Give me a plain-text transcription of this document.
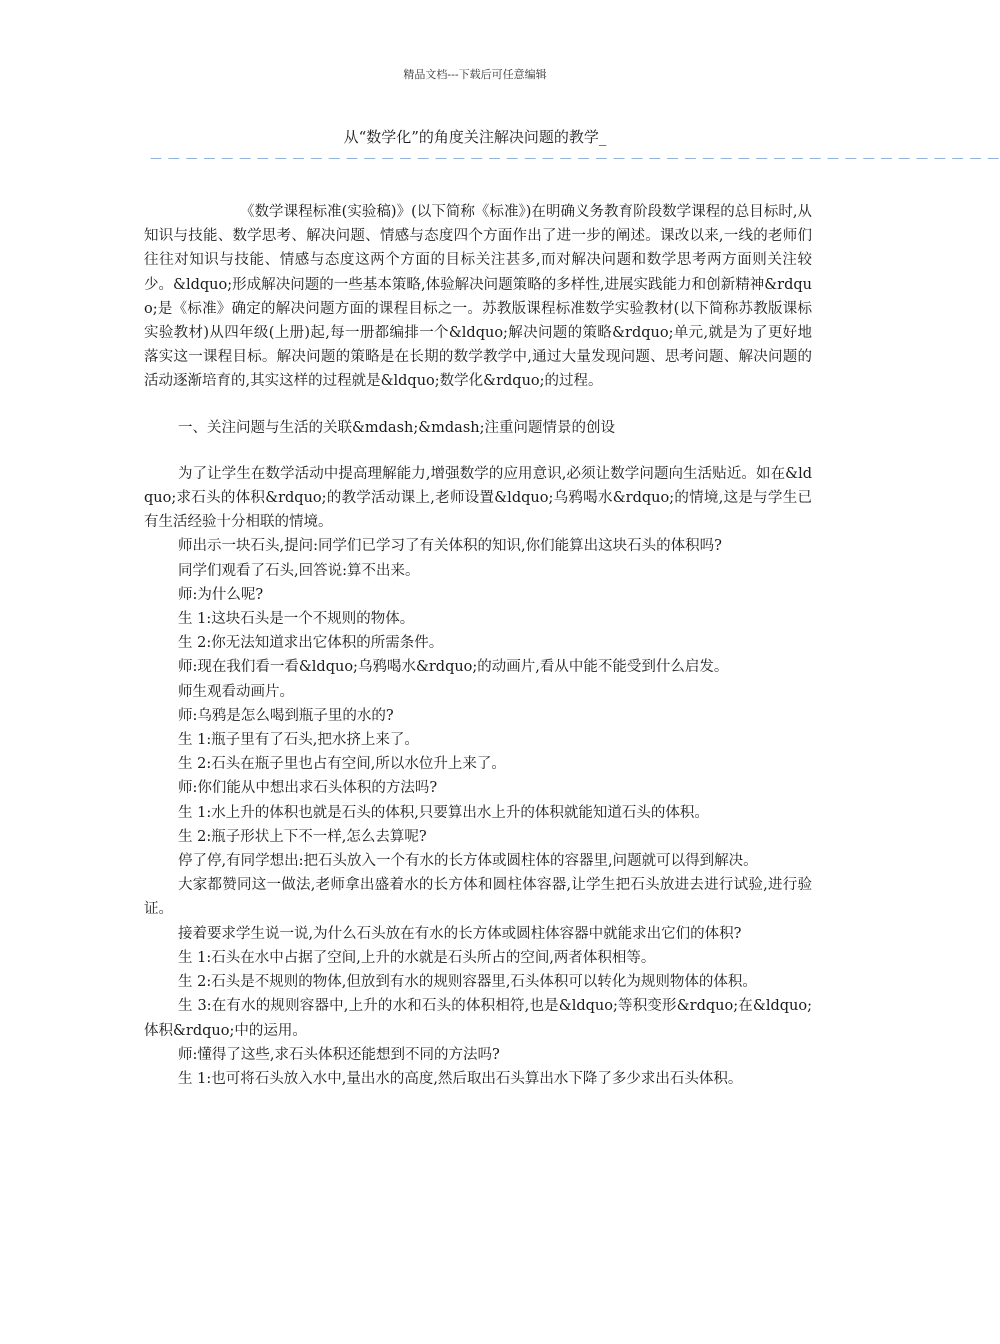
精品文档---下载后可任意编辑
从“数学化”的角度关注解决问题的教学_
— — — — — — — — — — — — — — — — — — — — — — — — — — — — — — — — — — — — — — — — — — — — — — — —

《数学课程标准(实验稿)》(以下简称《标准》)在明确义务教育阶段数学课程的总目标时,从知识与技能、数学思考、解决问题、情感与态度四个方面作出了进一步的阐述。课改以来,一线的老师们往往对知识与技能、情感与态度这两个方面的目标关注甚多,而对解决问题和数学思考两方面则关注较少。&ldquo;形成解决问题的一些基本策略,体验解决问题策略的多样性,进展实践能力和创新精神&rdquo;是《标准》确定的解决问题方面的课程目标之一。苏教版课程标准数学实验教材(以下简称苏教版课标实验教材)从四年级(上册)起,每一册都编排一个&ldquo;解决问题的策略&rdquo;单元,就是为了更好地落实这一课程目标。解决问题的策略是在长期的数学教学中,通过大量发现问题、思考问题、解决问题的活动逐渐培育的,其实这样的过程就是&ldquo;数学化&rdquo;的过程。

一、关注问题与生活的关联&mdash;&mdash;注重问题情景的创设

为了让学生在数学活动中提高理解能力,增强数学的应用意识,必须让数学问题向生活贴近。如在&ldquo;求石头的体积&rdquo;的教学活动课上,老师设置&ldquo;乌鸦喝水&rdquo;的情境,这是与学生已有生活经验十分相联的情境。

师出示一块石头,提问:同学们已学习了有关体积的知识,你们能算出这块石头的体积吗?

同学们观看了石头,回答说:算不出来。

师:为什么呢?

生 1:这块石头是一个不规则的物体。

生 2:你无法知道求出它体积的所需条件。

师:现在我们看一看&ldquo;乌鸦喝水&rdquo;的动画片,看从中能不能受到什么启发。

师生观看动画片。

师:乌鸦是怎么喝到瓶子里的水的?

生 1:瓶子里有了石头,把水挤上来了。

生 2:石头在瓶子里也占有空间,所以水位升上来了。

师:你们能从中想出求石头体积的方法吗?

生 1:水上升的体积也就是石头的体积,只要算出水上升的体积就能知道石头的体积。

生 2:瓶子形状上下不一样,怎么去算呢?

停了停,有同学想出:把石头放入一个有水的长方体或圆柱体的容器里,问题就可以得到解决。

大家都赞同这一做法,老师拿出盛着水的长方体和圆柱体容器,让学生把石头放进去进行试验,进行验证。

接着要求学生说一说,为什么石头放在有水的长方体或圆柱体容器中就能求出它们的体积?

生 1:石头在水中占据了空间,上升的水就是石头所占的空间,两者体积相等。

生 2:石头是不规则的物体,但放到有水的规则容器里,石头体积可以转化为规则物体的体积。

生 3:在有水的规则容器中,上升的水和石头的体积相符,也是&ldquo;等积变形&rdquo;在&ldquo;体积&rdquo;中的运用。

师:懂得了这些,求石头体积还能想到不同的方法吗?

生 1:也可将石头放入水中,量出水的高度,然后取出石头算出水下降了多少求出石头体积。
